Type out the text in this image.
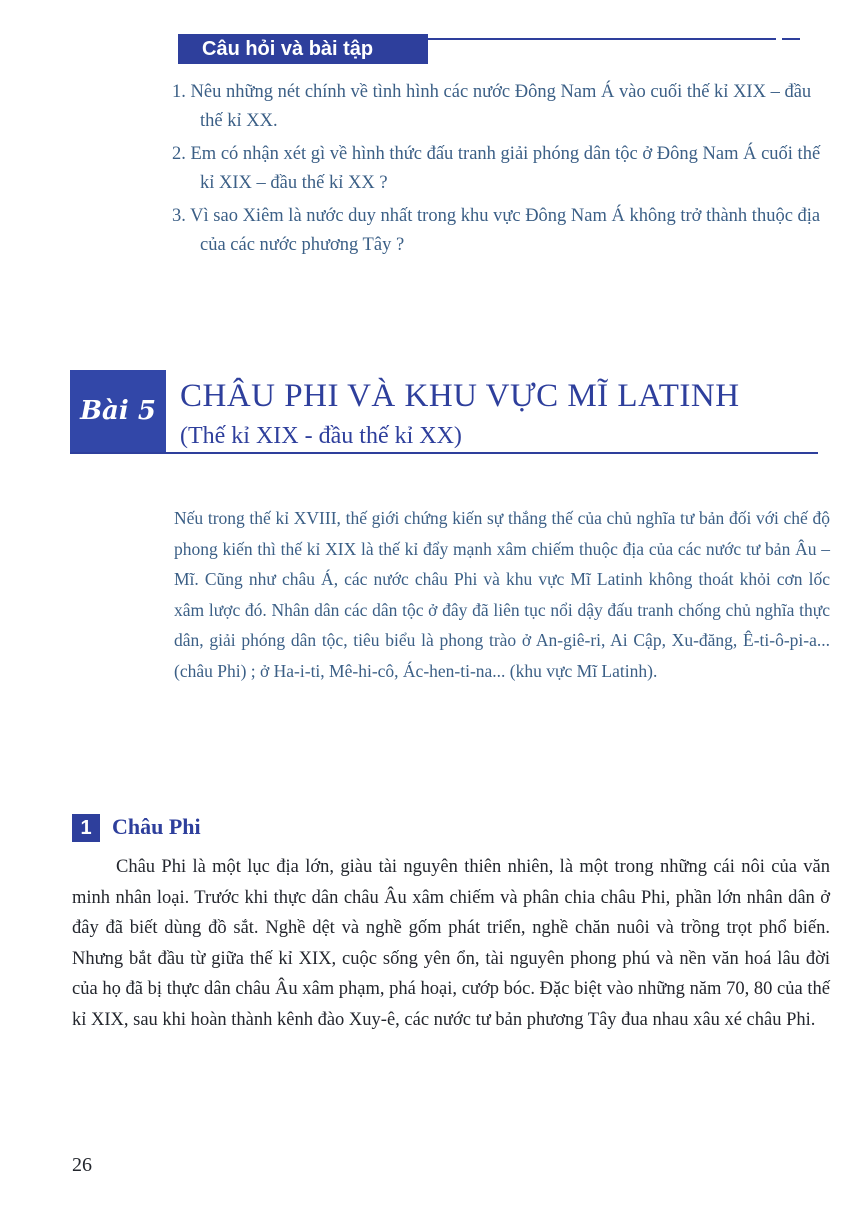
Câu hỏi và bài tập
1. Nêu những nét chính về tình hình các nước Đông Nam Á vào cuối thế kỉ XIX – đầu thế kỉ XX.
2. Em có nhận xét gì về hình thức đấu tranh giải phóng dân tộc ở Đông Nam Á cuối thế kỉ XIX – đầu thế kỉ XX ?
3. Vì sao Xiêm là nước duy nhất trong khu vực Đông Nam Á không trở thành thuộc địa của các nước phương Tây ?
Bài 5 CHÂU PHI VÀ KHU VỰC MĨ LATINH
(Thế kỉ XIX - đầu thế kỉ XX)

Nếu trong thế kỉ XVIII, thế giới chứng kiến sự thắng thế của chủ nghĩa tư bản đối với chế độ phong kiến thì thế kỉ XIX là thế kỉ đẩy mạnh xâm chiếm thuộc địa của các nước tư bản Âu – Mĩ. Cũng như châu Á, các nước châu Phi và khu vực Mĩ Latinh không thoát khỏi cơn lốc xâm lược đó. Nhân dân các dân tộc ở đây đã liên tục nổi dậy đấu tranh chống chủ nghĩa thực dân, giải phóng dân tộc, tiêu biểu là phong trào ở An-giê-ri, Ai Cập, Xu-đăng, Ê-ti-ô-pi-a... (châu Phi) ; ở Ha-i-ti, Mê-hi-cô, Ác-hen-ti-na... (khu vực Mĩ Latinh).

1 Châu Phi

Châu Phi là một lục địa lớn, giàu tài nguyên thiên nhiên, là một trong những cái nôi của văn minh nhân loại. Trước khi thực dân châu Âu xâm chiếm và phân chia châu Phi, phần lớn nhân dân ở đây đã biết dùng đồ sắt. Nghề dệt và nghề gốm phát triển, nghề chăn nuôi và trồng trọt phổ biến. Nhưng bắt đầu từ giữa thế kỉ XIX, cuộc sống yên ổn, tài nguyên phong phú và nền văn hoá lâu đời của họ đã bị thực dân châu Âu xâm phạm, phá hoại, cướp bóc. Đặc biệt vào những năm 70, 80 của thế kỉ XIX, sau khi hoàn thành kênh đào Xuy-ê, các nước tư bản phương Tây đua nhau xâu xé châu Phi.

26
